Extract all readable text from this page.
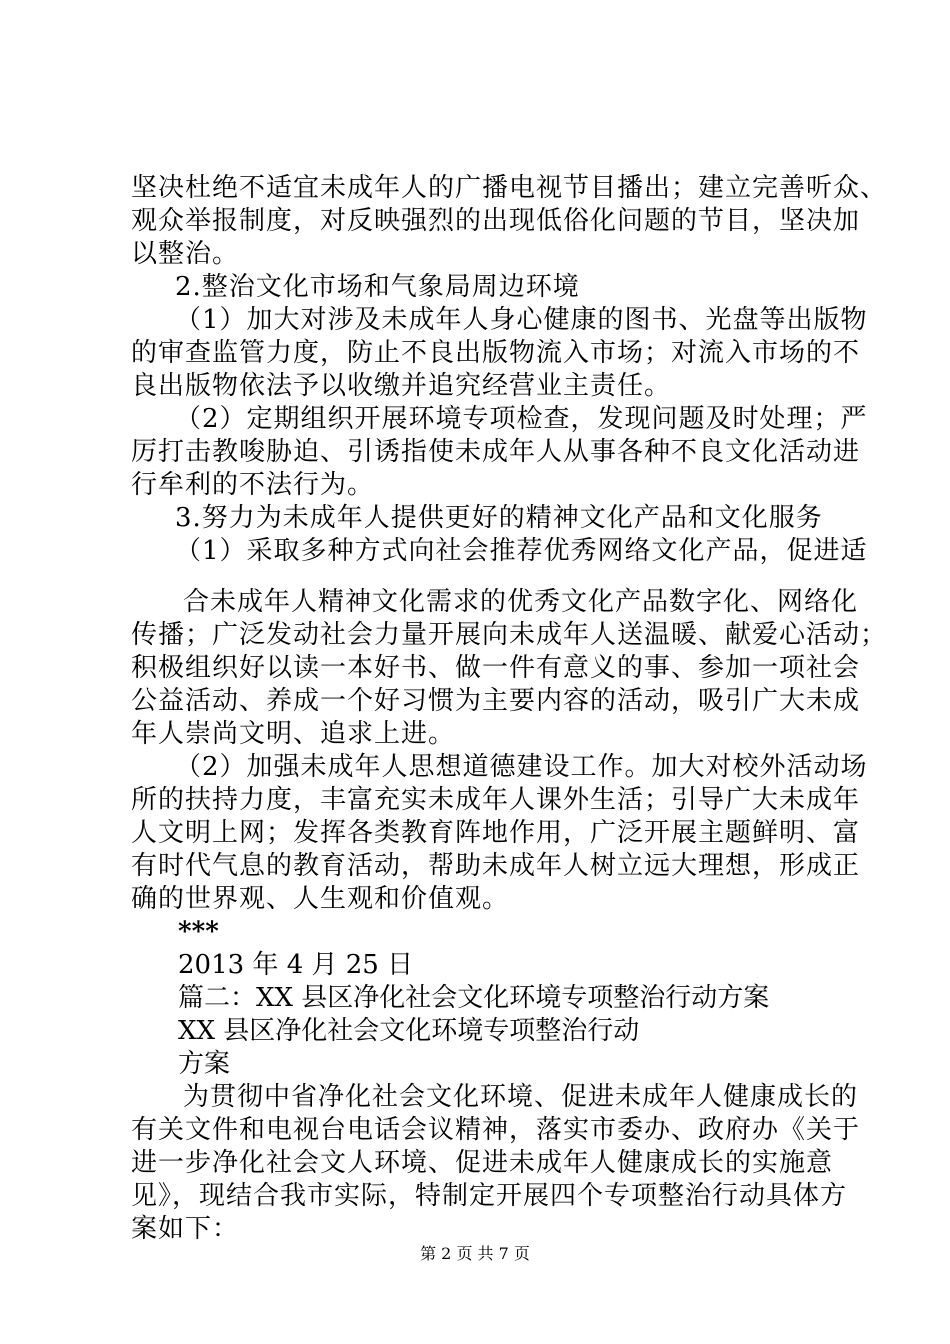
坚决杜绝不适宜未成年人的广播电视节目播出；建立完善听众、
观众举报制度，对反映强烈的出现低俗化问题的节目，坚决加
以整治。
2.整治文化市场和气象局周边环境
（1）加大对涉及未成年人身心健康的图书、光盘等出版物
的审查监管力度，防止不良出版物流入市场；对流入市场的不
良出版物依法予以收缴并追究经营业主责任。
（2）定期组织开展环境专项检查，发现问题及时处理；严
厉打击教唆胁迫、引诱指使未成年人从事各种不良文化活动进
行牟利的不法行为。
3.努力为未成年人提供更好的精神文化产品和文化服务
（1）采取多种方式向社会推荐优秀网络文化产品，促进适
合未成年人精神文化需求的优秀文化产品数字化、网络化
传播；广泛发动社会力量开展向未成年人送温暖、献爱心活动；
积极组织好以读一本好书、做一件有意义的事、参加一项社会
公益活动、养成一个好习惯为主要内容的活动，吸引广大未成
年人崇尚文明、追求上进。
（2）加强未成年人思想道德建设工作。加大对校外活动场
所的扶持力度，丰富充实未成年人课外生活；引导广大未成年
人文明上网；发挥各类教育阵地作用，广泛开展主题鲜明、富
有时代气息的教育活动，帮助未成年人树立远大理想，形成正
确的世界观、人生观和价值观。
***
2013 年 4 月 25 日
篇二：XX 县区净化社会文化环境专项整治行动方案
XX 县区净化社会文化环境专项整治行动
方案
为贯彻中省净化社会文化环境、促进未成年人健康成长的
有关文件和电视台电话会议精神，落实市委办、政府办《关于
进一步净化社会文人环境、促进未成年人健康成长的实施意
见》，现结合我市实际，特制定开展四个专项整治行动具体方
案如下：
第 2 页 共 7 页
